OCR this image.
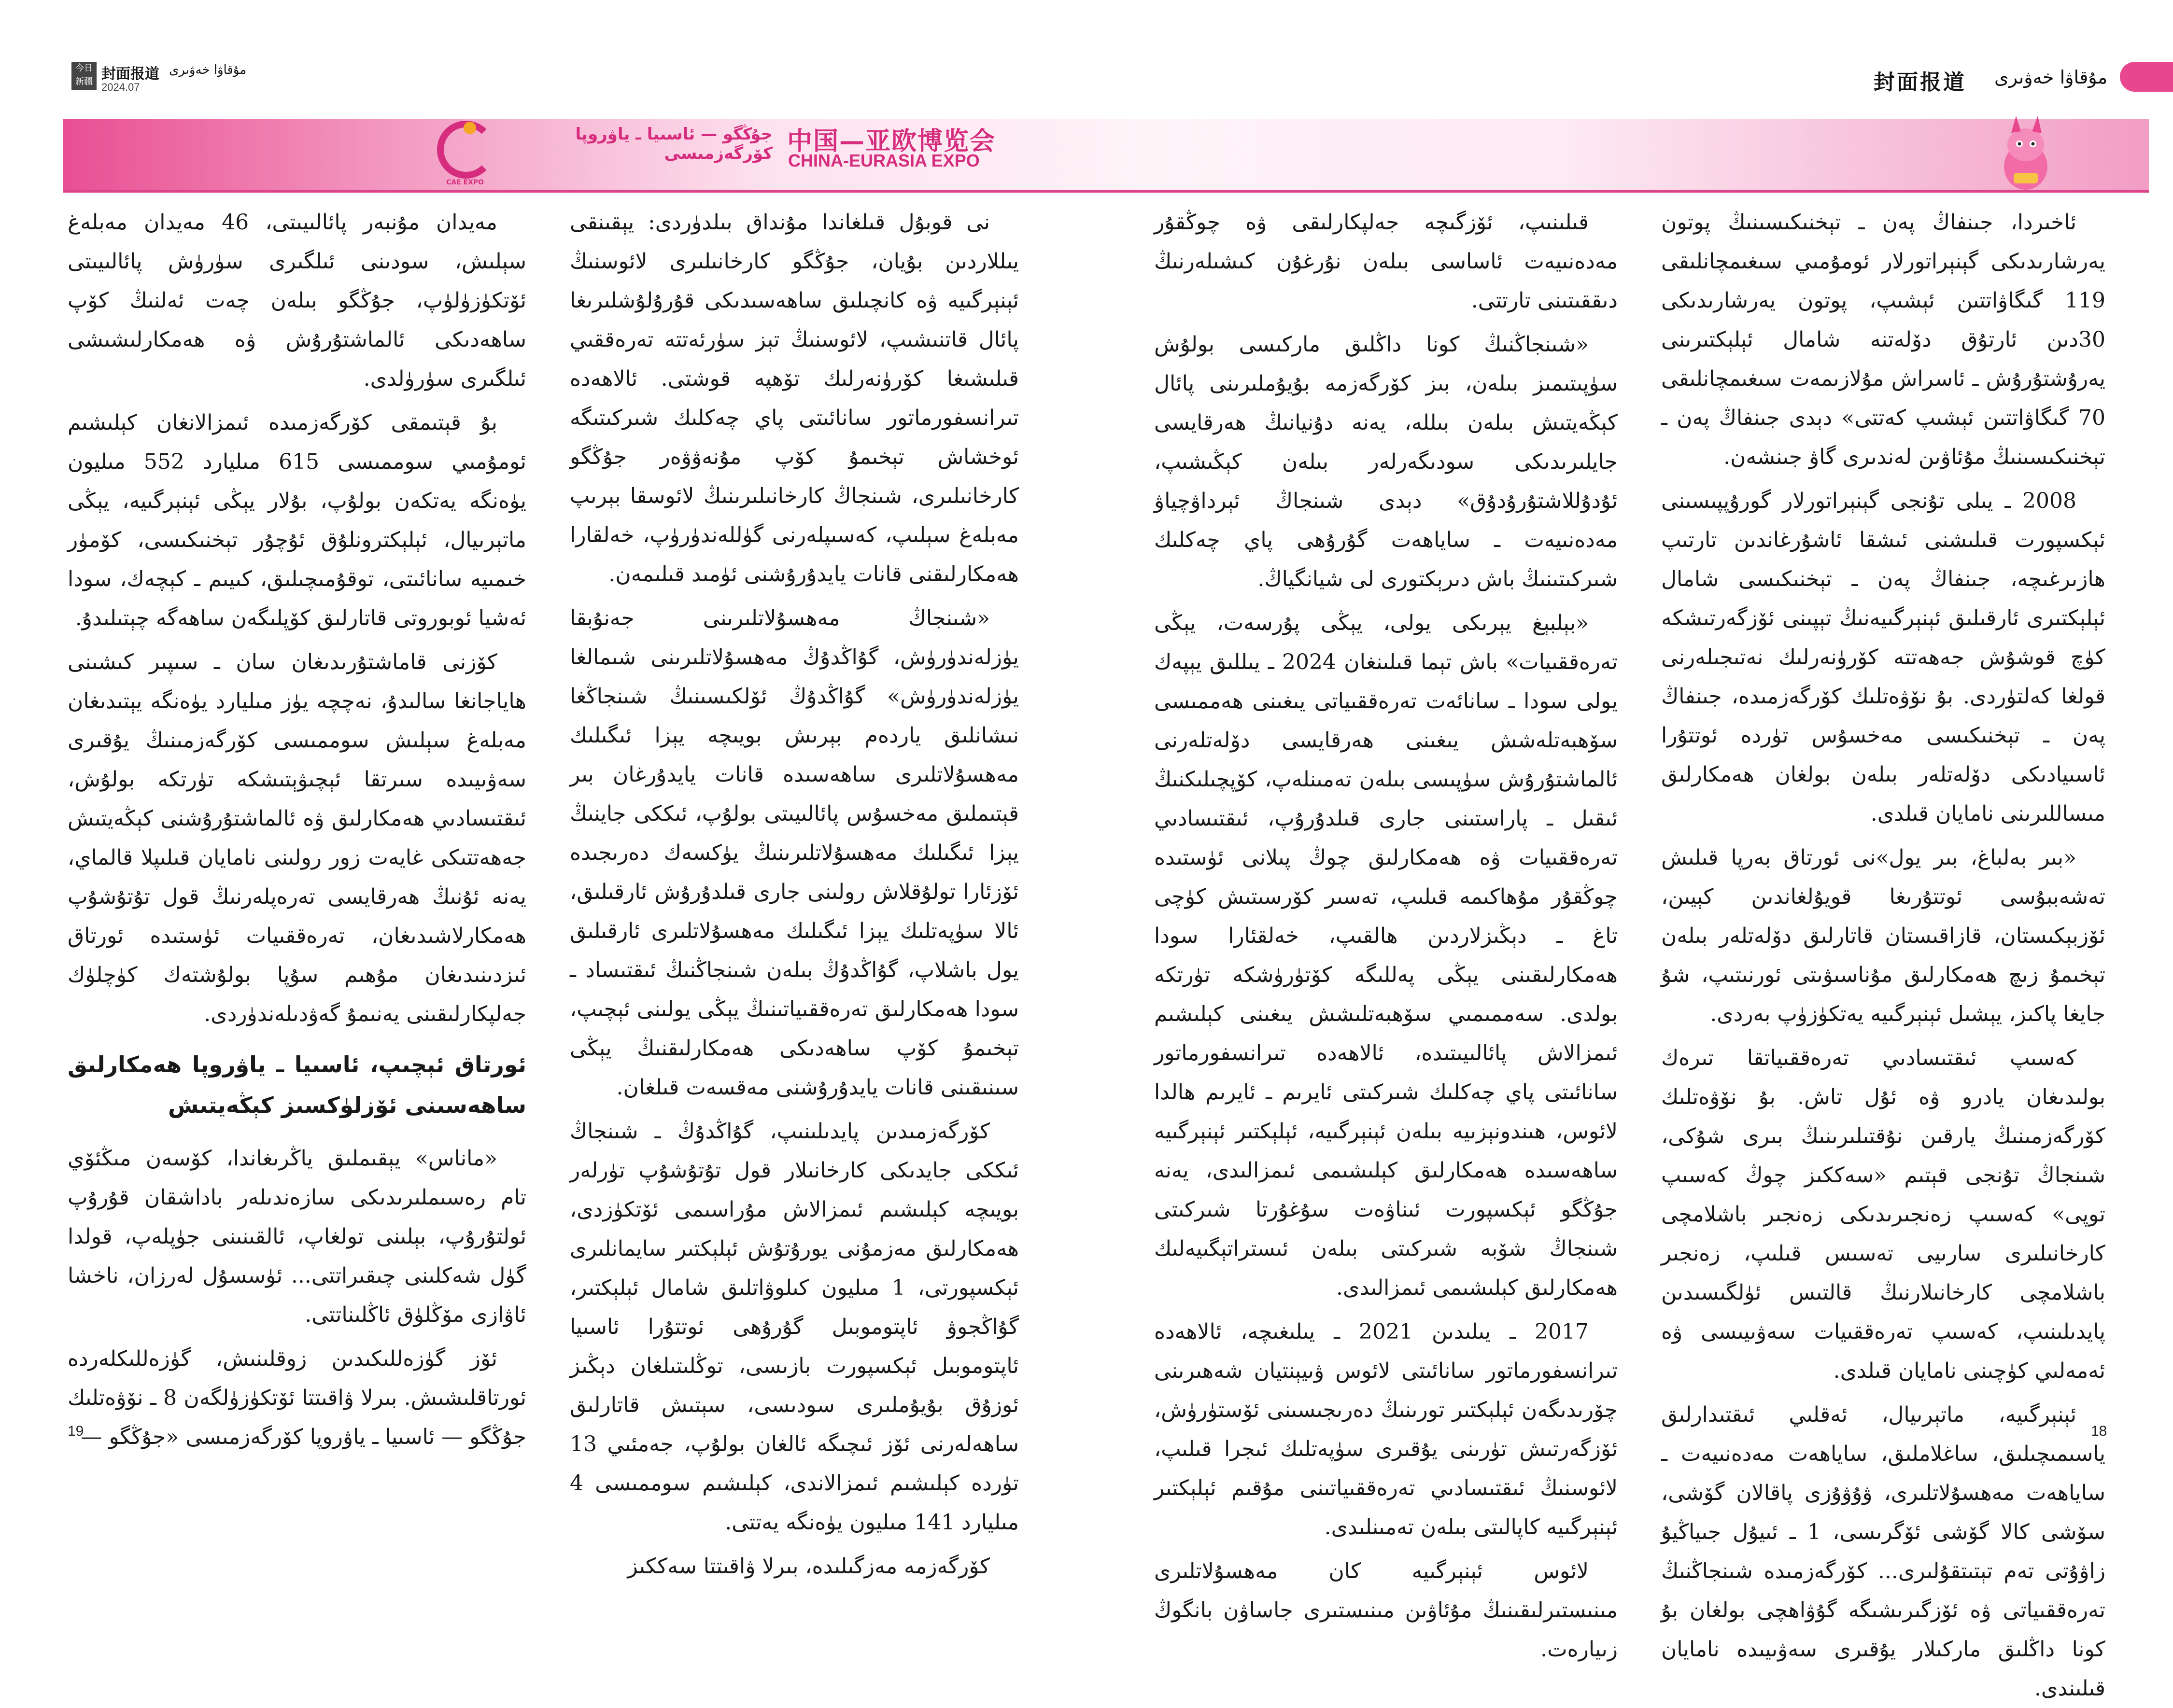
今日新疆 封面报道 مۇقاۋا خەۋىرى
2024.07	封面报道 مۇقاۋا خەۋىرى
CAE EXPO
جۇڭگو — ئاسىيا ـ ياۋروپا كۆرگەزمىسى 中国—亚欧博览会
CHINA-EURASIA EXPO

ئاخىردا، جىنفاڭ پەن ـ تېخنىكىسىنىڭ پوتون يەرشارىدىكى گېنېراتورلار ئومۇمىي سىغىمچانلىقى 119 گىگاۋاتتىن ئېشىپ، پوتون يەرشارىدىكى 30دىن ئارتۇق دۆلەتنە شامال ئېلېكتىرىنى يەرۇشتۇرۇش ـ ئاسراش مۇلازىمەت سىغىمچانلىقى 70 گىگاۋاتتىن ئېشىپ كەتتى» دېدى جىنفاڭ پەن ـ تېخنىكىسىنىڭ مۇئاۋىن لەندىرى گاۋ جىنشەن.

2008 ـ يىلى تۇنجى گېنېراتورلار گورۇپپىسىنى ئېكسپورت قىلىشنى ئىشقا ئاشۇرغاندىن تارتىپ ھازىرغىچە، جىنفاڭ پەن ـ تېخنىكىسى شامال ئېلېكتىرى ئارقىلىق ئېنېرگىيەنىڭ تېپىنى ئۆزگەرتىشكە كۈچ قوشۇش جەھەتتە كۆرۈنەرلىك نەتىجىلەرنى قولغا كەلتۈردى. بۇ نۆۋەتلىك كۆرگەزمىدە، جىنفاڭ پەن ـ تېخنىكىسى مەخسۇس تۈردە ئوتتۇرا ئاسىيادىكى دۆلەتلەر بىلەن بولغان ھەمكارلىق مىساللىرىنى نامايان قىلدى.

«بىر بەلباغ، بىر يول»نى ئورتاق بەرپا قىلىش تەشەببۇسى ئوتتۇرىغا قويۇلغاندىن كېيىن، ئۆزبېكىستان، قازاقىستان قاتارلىق دۆلەتلەر بىلەن تېخىمۇ زىچ ھەمكارلىق مۇناسىۋىتى ئورنىتىپ، شۇ جايغا پاكىز، يېشىل ئېنېرگىيە يەتكۈزۈپ بەردى.

كەسىپ ئىقتىسادىي تەرەققىياتقا تىرەك بولىدىغان يادرو ۋە ئۇل تاش. بۇ نۆۋەتلىك كۆرگەزمىنىڭ يارقىن نۇقتىلىرىنىڭ بىرى شۇكى، شىنجاڭ تۇنجى قېتىم «سەككىز چوڭ كەسىپ توپى» كەسىپ زەنجىرىدىكى زەنجىر باشلامچى كارخانىلىرى سارىيى تەسىس قىلىپ، زەنجىر باشلامچى كارخانىلارنىڭ قالتىس ئۈلگىسىدىن پايدىلىنىپ، كەسىپ تەرەققىيات سەۋىيىسى ۋە ئەمەلىي كۈچىنى نامايان قىلدى.

ئېنېرگىيە، ماتېرىيال، ئەقلىي ئىقتىدارلىق ياسىمىچىلىق، ساغلاملىق، ساياھەت مەدەنىيەت ـ ساياھەت مەھسۇلاتلىرى، ۋۇۋۇزى پاقالان گۆشى، سۆشى كالا گۆشى ئۆگرىسى، 1 ـ ئىيۇل جىياڭيۇ زاۋۇتى تەم تېتىتقۇلىرى... كۆرگەزمىدە شىنجاڭنىڭ تەرەققىياتى ۋە ئۆزگىرىشىگە گۇۋاھچى بولغان بۇ كونا داڭلىق ماركىلار يۇقىرى سەۋىيىدە نامايان قىلىندى.

قىلىنىپ، ئۆزگىچە جەلپكارلىقى ۋە چوڭقۇر مەدەنىيەت ئاساسى بىلەن نۇرغۇن كىشىلەرنىڭ دىققىتىنى تارتتى.

«شىنجاڭنىڭ كونا داڭلىق ماركىسى بولۇش سۈپىتىمىز بىلەن، بىز كۆرگەزمە بۇيۇملىرىنى پائال كېڭەيتىش بىلەن بىللە، يەنە دۇنيانىڭ ھەرقايسى جايلىرىدىكى سودىگەرلەر بىلەن كېڭىشىپ، ئۇدۇللاشتۇرۇدۇق» دېدى شىنجاڭ ئېرداۋچياۋ مەدەنىيەت ـ ساياھەت گۇرۇھى پاي چەكلىك شىركىتىنىڭ باش دىرېكتورى لى شيانگياڭ.

«بېلبېغ يېرىكى يولى، يېڭى پۇرسەت، يېڭى تەرەققىيات» باش تېما قىلىنغان 2024 ـ يىللىق يېپەك يولى سودا ـ سانائەت تەرەققىياتى يىغىنى ھەممىسى سۆھبەتلەشش يىغىنى ھەرقايسى دۆلەتلەرنى ئالماشتۇرۇش سۈپىسى بىلەن تەمىنلەپ، كۆپچىلىكنىڭ ئىقىل ـ پاراستىنى جارى قىلدۇرۇپ، ئىقتىسادىي تەرەققىيات ۋە ھەمكارلىق چوڭ پىلانى ئۈستىدە چوڭقۇر مۇھاكىمە قىلىپ، تەسىر كۆرسىتىش كۈچى تاغ ـ دېڭىزلاردىن ھالقىپ، خەلقئارا سودا ھەمكارلىقىنى يېڭى پەللىگە كۆتۈرۈشكە تۈرتكە بولدى. سەممىمىي سۆھبەتلىشش يىغىنى كېلىشىم ئىمزالاش پائالىيىتىدە، ئالاھەدە تىرانسفورماتور سانائىتى پاي چەكلىك شىركىتى ئايرىم ـ ئايرىم ھالدا لائوس، ھىندونېزىيە بىلەن ئېنېرگىيە، ئېلېكتىر ئېنېرگىيە ساھەسىدە ھەمكارلىق كېلىشىمى ئىمزالىدى، يەنە جۇڭگو ئېكسپورت ئىناۋەت سۇغۇرتا شىركىتى شىنجاڭ شۆبە شىركىتى بىلەن ئىستراتېگىيەلىك ھەمكارلىق كېلىشىمى ئىمزالىدى.

2017 ـ يىلىدىن 2021 ـ يىلىغىچە، ئالاھەدە تىرانسفورماتور سانائىتى لائوس ۋىيېنتيان شەھىرىنى چۆرىدىگەن ئېلېكتىر تورىنىڭ دەرىجىسىنى ئۆستۈرۈش، ئۆزگەرتىش تۈرىنى يۇقىرى سۈپەتلىك ئىجرا قىلىپ، لائوسنىڭ ئىقتىسادىي تەرەققىياتىنى مۇقىم ئېلېكتىر ئېنېرگىيە كاپالىتى بىلەن تەمىنلىدى.

لائوس ئېنېرگىيە كان مەھسۇلاتلىرى مىنىستىرلىقىنىڭ مۇئاۋىن مىنىستىرى جاساۋن بانگوڭ زىيارەت.

نى قوبۇل قىلغاندا مۇنداق بىلدۈردى: يېقىنقى يىللاردىن بۇيان، جۇڭگو كارخانىلىرى لائوسنىڭ ئېنېرگىيە ۋە كانچىلىق ساھەسىدىكى قۇرۇلۇشلىرىغا پائال قاتنىشىپ، لائوسنىڭ تېز سۈرئەتتە تەرەققىي قىلىشىغا كۆرۈنەرلىك تۆھپە قوشتى. ئالاھەدە تىرانسفورماتور سانائىتى پاي چەكلىك شىركىتىگە ئوخشاش تېخىمۇ كۆپ مۇنەۋۋەر جۇڭگو كارخانىلىرى، شىنجاڭ كارخانىلىرىنىڭ لائوسقا بېرىپ مەبلەغ سېلىپ، كەسىپلەرنى گۈللەندۈرۈپ، خەلقارا ھەمكارلىقنى قانات يايدۇرۇشنى ئۈمىد قىلىمەن.

«شىنجاڭ مەھسۇلاتلىرىنى جەنۇبقا يۈزلەندۈرۈش، گۇاڭدۇڭ مەھسۇلاتلىرىنى شىمالغا يۈزلەندۈرۈش» گۇاڭدۇڭ ئۆلكىسىنىڭ شىنجاڭغا نىشانلىق ياردەم بېرىش بويىچە يېزا ئىگىلىك مەھسۇلاتلىرى ساھەسىدە قانات يايدۇرغان بىر قېتىملىق مەخسۇس پائالىيىتى بولۇپ، ئىككى جاينىڭ يېزا ئىگىلىك مەھسۇلاتلىرىنىڭ يۈكسەك دەرىجىدە ئۆزئارا تولۇقلاش رولىنى جارى قىلدۇرۇش ئارقىلىق، ئالا سۈپەتلىك يېزا ئىگىلىك مەھسۇلاتلىرى ئارقىلىق يول باشلاپ، گۇاڭدۇڭ بىلەن شىنجاڭنىڭ ئىقتىساد ـ سودا ھەمكارلىق تەرەققىياتىنىڭ يېڭى يولىنى ئېچىپ، تېخىمۇ كۆپ ساھەدىكى ھەمكارلىقنىڭ يېڭى سىنىقىنى قانات يايدۇرۇشنى مەقسەت قىلغان.

كۆرگەزمىدىن پايدىلىنىپ، گۇاڭدۇڭ ـ شىنجاڭ ئىككى جايدىكى كارخانىلار قول تۇتۇشۇپ تۈرلەر بويىچە كېلىشىم ئىمزالاش مۇراسىمى ئۆتكۈزدى، ھەمكارلىق مەزمۇنى يورۇتۇش ئېلېكتىر سايمانلىرى ئېكسپورتى، 1 مىليون كىلوۋاتلىق شامال ئېلېكتىر، گۇاڭجوۋ ئاپتوموبىل گۇرۇھى ئوتتۇرا ئاسىيا ئاپتوموبىل ئېكسپورت بازىسى، توڭلىتىلغان دېڭىز ئوزۇق بۇيۇملىرى سودىسى، سېتىش قاتارلىق ساھەلەرنى ئۆز ئىچىگە ئالغان بولۇپ، جەمئىي 13 تۈردە كېلىشىم ئىمزالاندى، كېلىشىم سوممىسى 4 مىليارد 141 مىليون يۈەنگە يەتتى.

كۆرگەزمە مەزگىلىدە، بىرلا ۋاقىتتا سەككىز

مەيدان مۇنبەر پائالىيىتى، 46 مەيدان مەبلەغ سېلىش، سودىنى ئىلگىرى سۈرۈش پائالىيىتى ئۆتكۈزۈلۈپ، جۇڭگو بىلەن چەت ئەلنىڭ كۆپ ساھەدىكى ئالماشتۇرۇش ۋە ھەمكارلىشىشى ئىلگىرى سۈرۈلدى.

بۇ قېتىمقى كۆرگەزمىدە ئىمزالانغان كېلىشىم ئومۇمىي سوممىسى 615 مىليارد 552 مىليون يۈەنگە يەتكەن بولۇپ، بۇلار يېڭى ئېنېرگىيە، يېڭى ماتېرىيال، ئېلېكترونلۇق ئۇچۇر تېخنىكىسى، كۆمۈر خىمىيە سانائىتى، توقۇمىچىلىق، كىيىم ـ كېچەك، سودا ئەشيا ئوبوروتى قاتارلىق كۆپلىگەن ساھەگە چېتىلىدۇ.

كۆزنى قاماشتۇرىدىغان سان ـ سىپىر كىشىنى ھاياجانغا سالىدۇ، نەچچە يۈز مىليارد يۈەنگە يېتىدىغان مەبلەغ سېلىش سوممىسى كۆرگەزمىنىڭ يۇقىرى سەۋىيىدە سىرتقا ئېچىۋېتىشكە تۈرتكە بولۇش، ئىقتىسادىي ھەمكارلىق ۋە ئالماشتۇرۇشنى كېڭەيتىش جەھەتتىكى غايەت زور رولىنى نامايان قىلىپلا قالماي، يەنە ئۇنىڭ ھەرقايسى تەرەپلەرنىڭ قول تۇتۇشۇپ ھەمكارلاشىدىغان، تەرەققىيات ئۈستىدە ئورتاق ئىزدىنىدىغان مۇھىم سۇپا بولۇشتەك كۈچلۈك جەلپكارلىقىنى يەنىمۇ گەۋدىلەندۈردى.

ئورتاق ئېچىپ، ئاسىيا ـ ياۋروپا ھەمكارلىق ساھەسىنى ئۆزلۈكسىز كېڭەيتىش

«ماناس» يېقىملىق ياڭرىغاندا، كۆسەن مىڭئۆي تام رەسىملىرىدىكى سازەندىلەر باداشقان قۇرۇپ ئولتۇرۇپ، بېلىنى تولغاپ، ئالقىنىنى جۈپلەپ، قولدا گۈل شەكلىنى چىقىراتتى... ئۈسسۇل لەرزان، ناخشا ئاۋازى مۆڭلۈق ئاڭلىناتتى.

ئۆز گۈزەللىكىدىن زوقلىنىش، گۈزەللىكلەردە ئورتاقلىشىش. بىرلا ۋاقىتتا ئۆتكۈزۈلگەن 8 ـ نۆۋەتلىك جۇڭگو — ئاسىيا ـ ياۋروپا كۆرگەزمىسى «جۇڭگو —

19	18
